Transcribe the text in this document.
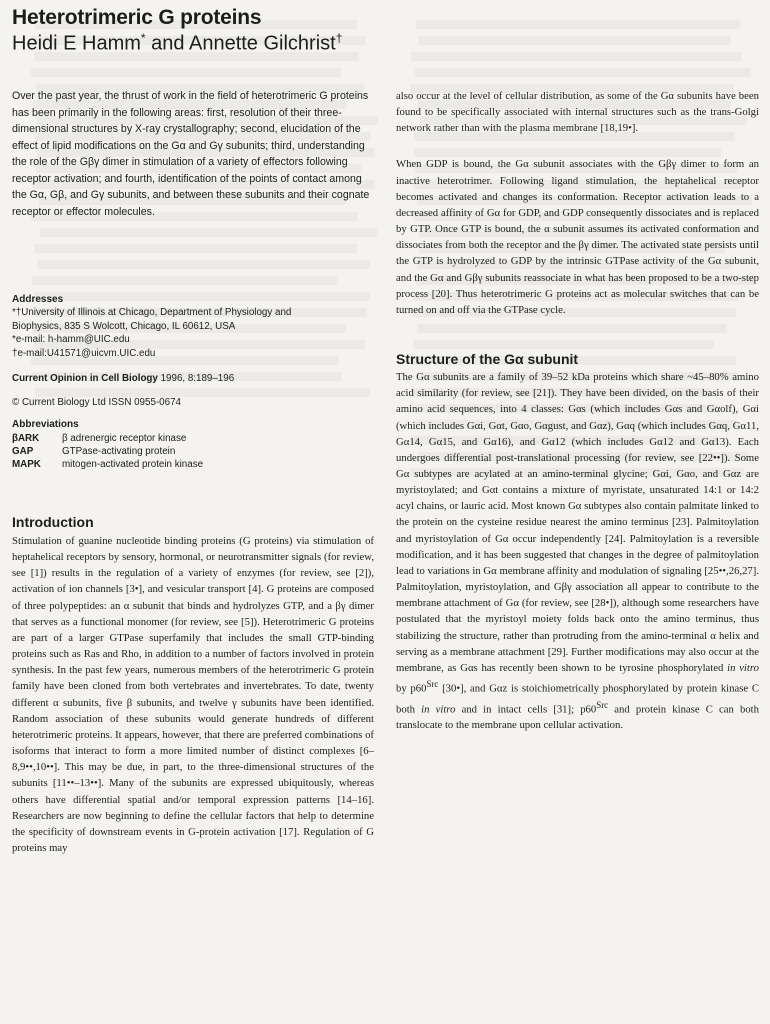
Heterotrimeric G proteins
Heidi E Hamm* and Annette Gilchrist†

Over the past year, the thrust of work in the field of heterotrimeric G proteins has been primarily in the following areas: first, resolution of their three-dimensional structures by X-ray crystallography; second, elucidation of the effect of lipid modifications on the Gα and Gγ subunits; third, understanding the role of the Gβγ dimer in stimulation of a variety of effectors following receptor activation; and fourth, identification of the points of contact among the Gα, Gβ, and Gγ subunits, and between these subunits and their cognate receptor or effector molecules.

Addresses
*†University of Illinois at Chicago, Department of Physiology and
Biophysics, 835 S Wolcott, Chicago, IL 60612, USA
*e-mail: h-hamm@UIC.edu
†e-mail:U41571@uicvm.UIC.edu
Current Opinion in Cell Biology 1996, 8:189–196
© Current Biology Ltd ISSN 0955-0674
Abbreviations
βARK	β adrenergic receptor kinase
GAP	GTPase-activating protein
MAPK	mitogen-activated protein kinase
Introduction

Stimulation of guanine nucleotide binding proteins (G proteins) via stimulation of heptahelical receptors by sensory, hormonal, or neurotransmitter signals (for review, see [1]) results in the regulation of a variety of enzymes (for review, see [2]), activation of ion channels [3•], and vesicular transport [4]. G proteins are composed of three polypeptides: an α subunit that binds and hydrolyzes GTP, and a βγ dimer that serves as a functional monomer (for review, see [5]). Heterotrimeric G proteins are part of a larger GTPase superfamily that includes the small GTP-binding proteins such as Ras and Rho, in addition to a number of factors involved in protein synthesis. In the past few years, numerous members of the heterotrimeric G protein family have been cloned from both vertebrates and invertebrates. To date, twenty different α subunits, five β subunits, and twelve γ subunits have been identified. Random association of these subunits would generate hundreds of different heterotrimeric proteins. It appears, however, that there are preferred combinations of isoforms that interact to form a more limited number of distinct complexes [6–8,9••,10••]. This may be due, in part, to the three-dimensional structures of the subunits [11••–13••]. Many of the subunits are expressed ubiquitously, whereas others have differential spatial and/or temporal expression patterns [14–16]. Researchers are now beginning to define the cellular factors that help to determine the specificity of downstream events in G-protein activation [17]. Regulation of G proteins may

also occur at the level of cellular distribution, as some of the Gα subunits have been found to be specifically associated with internal structures such as the trans-Golgi network rather than with the plasma membrane [18,19•].

When GDP is bound, the Gα subunit associates with the Gβγ dimer to form an inactive heterotrimer. Following ligand stimulation, the heptahelical receptor becomes activated and changes its conformation. Receptor activation leads to a decreased affinity of Gα for GDP, and GDP consequently dissociates and is replaced by GTP. Once GTP is bound, the α subunit assumes its activated conformation and dissociates from both the receptor and the βγ dimer. The activated state persists until the GTP is hydrolyzed to GDP by the intrinsic GTPase activity of the Gα subunit, and the Gα and Gβγ subunits reassociate in what has been proposed to be a two-step process [20]. Thus heterotrimeric G proteins act as molecular switches that can be turned on and off via the GTPase cycle.

Structure of the Gα subunit

The Gα subunits are a family of 39–52 kDa proteins which share ~45–80% amino acid similarity (for review, see [21]). They have been divided, on the basis of their amino acid sequences, into 4 classes: Gαs (which includes Gαs and Gαolf), Gαi (which includes Gαi, Gαt, Gαo, Gαgust, and Gαz), Gαq (which includes Gαq, Gα11, Gα14, Gα15, and Gα16), and Gα12 (which includes Gα12 and Gα13). Each undergoes differential post-translational processing (for review, see [22••]). Some Gα subtypes are acylated at an amino-terminal glycine; Gαi, Gαo, and Gαz are myristoylated; and Gαt contains a mixture of myristate, unsaturated 14:1 or 14:2 acyl chains, or lauric acid. Most known Gα subtypes also contain palmitate linked to the protein on the cysteine residue nearest the amino terminus [23]. Palmitoylation and myristoylation of Gα occur independently [24]. Palmitoylation is a reversible modification, and it has been suggested that changes in the degree of palmitoylation lead to variations in Gα membrane affinity and modulation of signaling [25••,26,27]. Palmitoylation, myristoylation, and Gβγ association all appear to contribute to the membrane attachment of Gα (for review, see [28•]), although some researchers have postulated that the myristoyl moiety folds back onto the amino terminus, thus stabilizing the structure, rather than protruding from the amino-terminal α helix and serving as a membrane attachment [29]. Further modifications may also occur at the membrane, as Gαs has recently been shown to be tyrosine phosphorylated in vitro by $p60^{Src}$ [30•], and Gαz is stoichiometrically phosphorylated by protein kinase C both in vitro and in intact cells [31]; $p60^{Src}$ and protein kinase C can both translocate to the membrane upon cellular activation.
